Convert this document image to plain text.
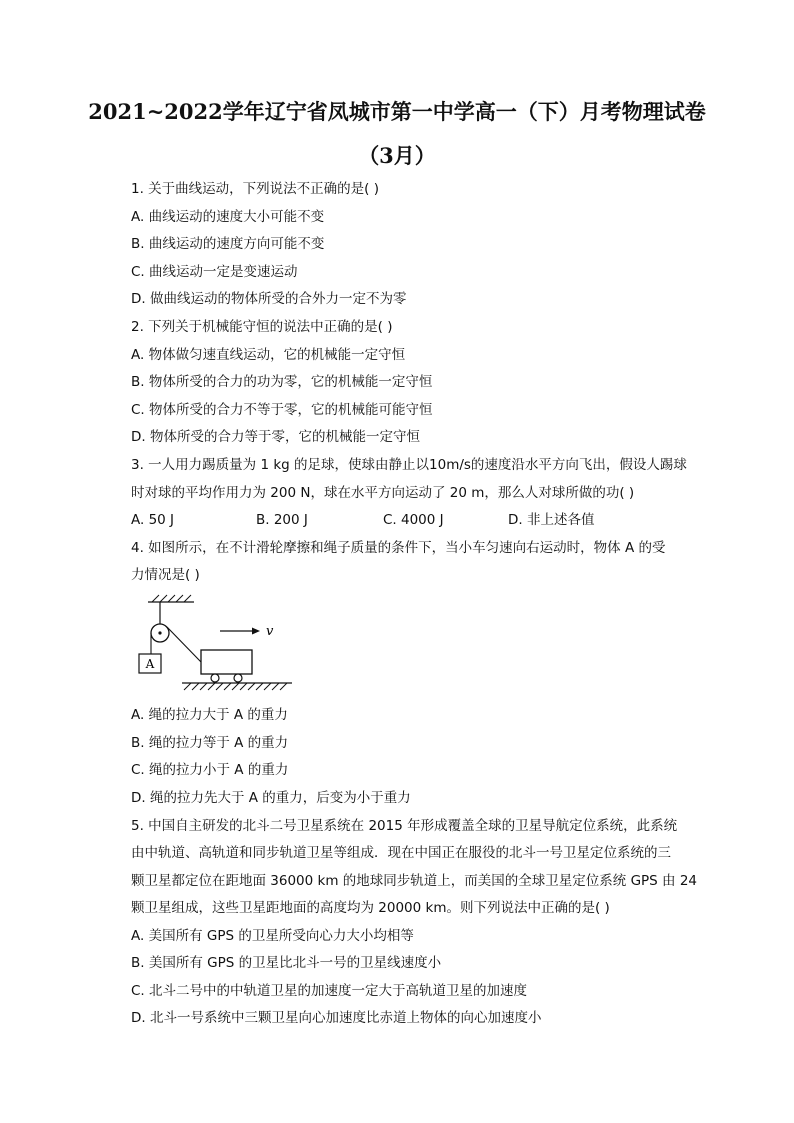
2021~2022学年辽宁省凤城市第一中学高一（下）月考物理试卷
（3月）
1. 关于曲线运动，下列说法不正确的是( )
A. 曲线运动的速度大小可能不变
B. 曲线运动的速度方向可能不变
C. 曲线运动一定是变速运动
D. 做曲线运动的物体所受的合外力一定不为零
2. 下列关于机械能守恒的说法中正确的是( )
A. 物体做匀速直线运动，它的机械能一定守恒
B. 物体所受的合力的功为零，它的机械能一定守恒
C. 物体所受的合力不等于零，它的机械能可能守恒
D. 物体所受的合力等于零，它的机械能一定守恒
3. 一人用力踢质量为 1 kg 的足球，使球由静止以10m/s的速度沿水平方向飞出，假设人踢球
时对球的平均作用力为 200 N，球在水平方向运动了 20 m，那么人对球所做的功( )
A. 50 J	B. 200 J	C. 4000 J	D. 非上述各值
4. 如图所示，在不计滑轮摩擦和绳子质量的条件下，当小车匀速向右运动时，物体 A 的受
力情况是( )
A
v
A. 绳的拉力大于 A 的重力
B. 绳的拉力等于 A 的重力
C. 绳的拉力小于 A 的重力
D. 绳的拉力先大于 A 的重力，后变为小于重力
5. 中国自主研发的北斗二号卫星系统在 2015 年形成覆盖全球的卫星导航定位系统，此系统
由中轨道、高轨道和同步轨道卫星等组成．现在中国正在服役的北斗一号卫星定位系统的三
颗卫星都定位在距地面 36000 km 的地球同步轨道上，而美国的全球卫星定位系统 GPS 由 24
颗卫星组成，这些卫星距地面的高度均为 20000 km。则下列说法中正确的是( )
A. 美国所有 GPS 的卫星所受向心力大小均相等
B. 美国所有 GPS 的卫星比北斗一号的卫星线速度小
C. 北斗二号中的中轨道卫星的加速度一定大于高轨道卫星的加速度
D. 北斗一号系统中三颗卫星向心加速度比赤道上物体的向心加速度小
